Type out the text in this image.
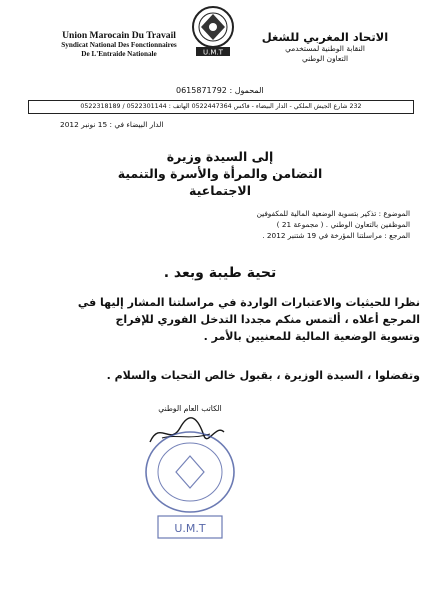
Union Marocain Du Travail
Syndicat National Des Fonctionnaires
De L'Entraide Nationale	U.M.T
الاتحاد المغربي للشغل
النقابة الوطنية لمستخدمي
التعاون الوطني
المحمول : 0615871792
232 شارع الجيش الملكي - الدار البيضاء - فاكس 0522447364 الهاتف : 0522301144 / 0522318189
الدار البيضاء في : 15 نونبر 2012
إلى السيدة وزيرة
التضامن والمرأة والأسرة والتنمية الاجتماعية
الموضوع : تذكير بتسوية الوضعية المالية للمكفوفين
الموظفين بالتعاون الوطني . ( مجموعة 21 )
المرجع : مراسلتنا المؤرخة في 19 شتنبر 2012 .
تحية طيبة وبعد .
نظرا للحيثيات والاعتبارات الواردة في مراسلتنا المشار إليها في
المرجع أعلاه ، ألتمس منكم مجددا التدخل الفوري للإفراج
وتسوية الوضعية المالية للمعنيين بالأمر .
وتفضلوا ، السيدة الوزيرة ، بقبول خالص التحيات والسلام .
الكاتب العام الوطني
U.M.T
